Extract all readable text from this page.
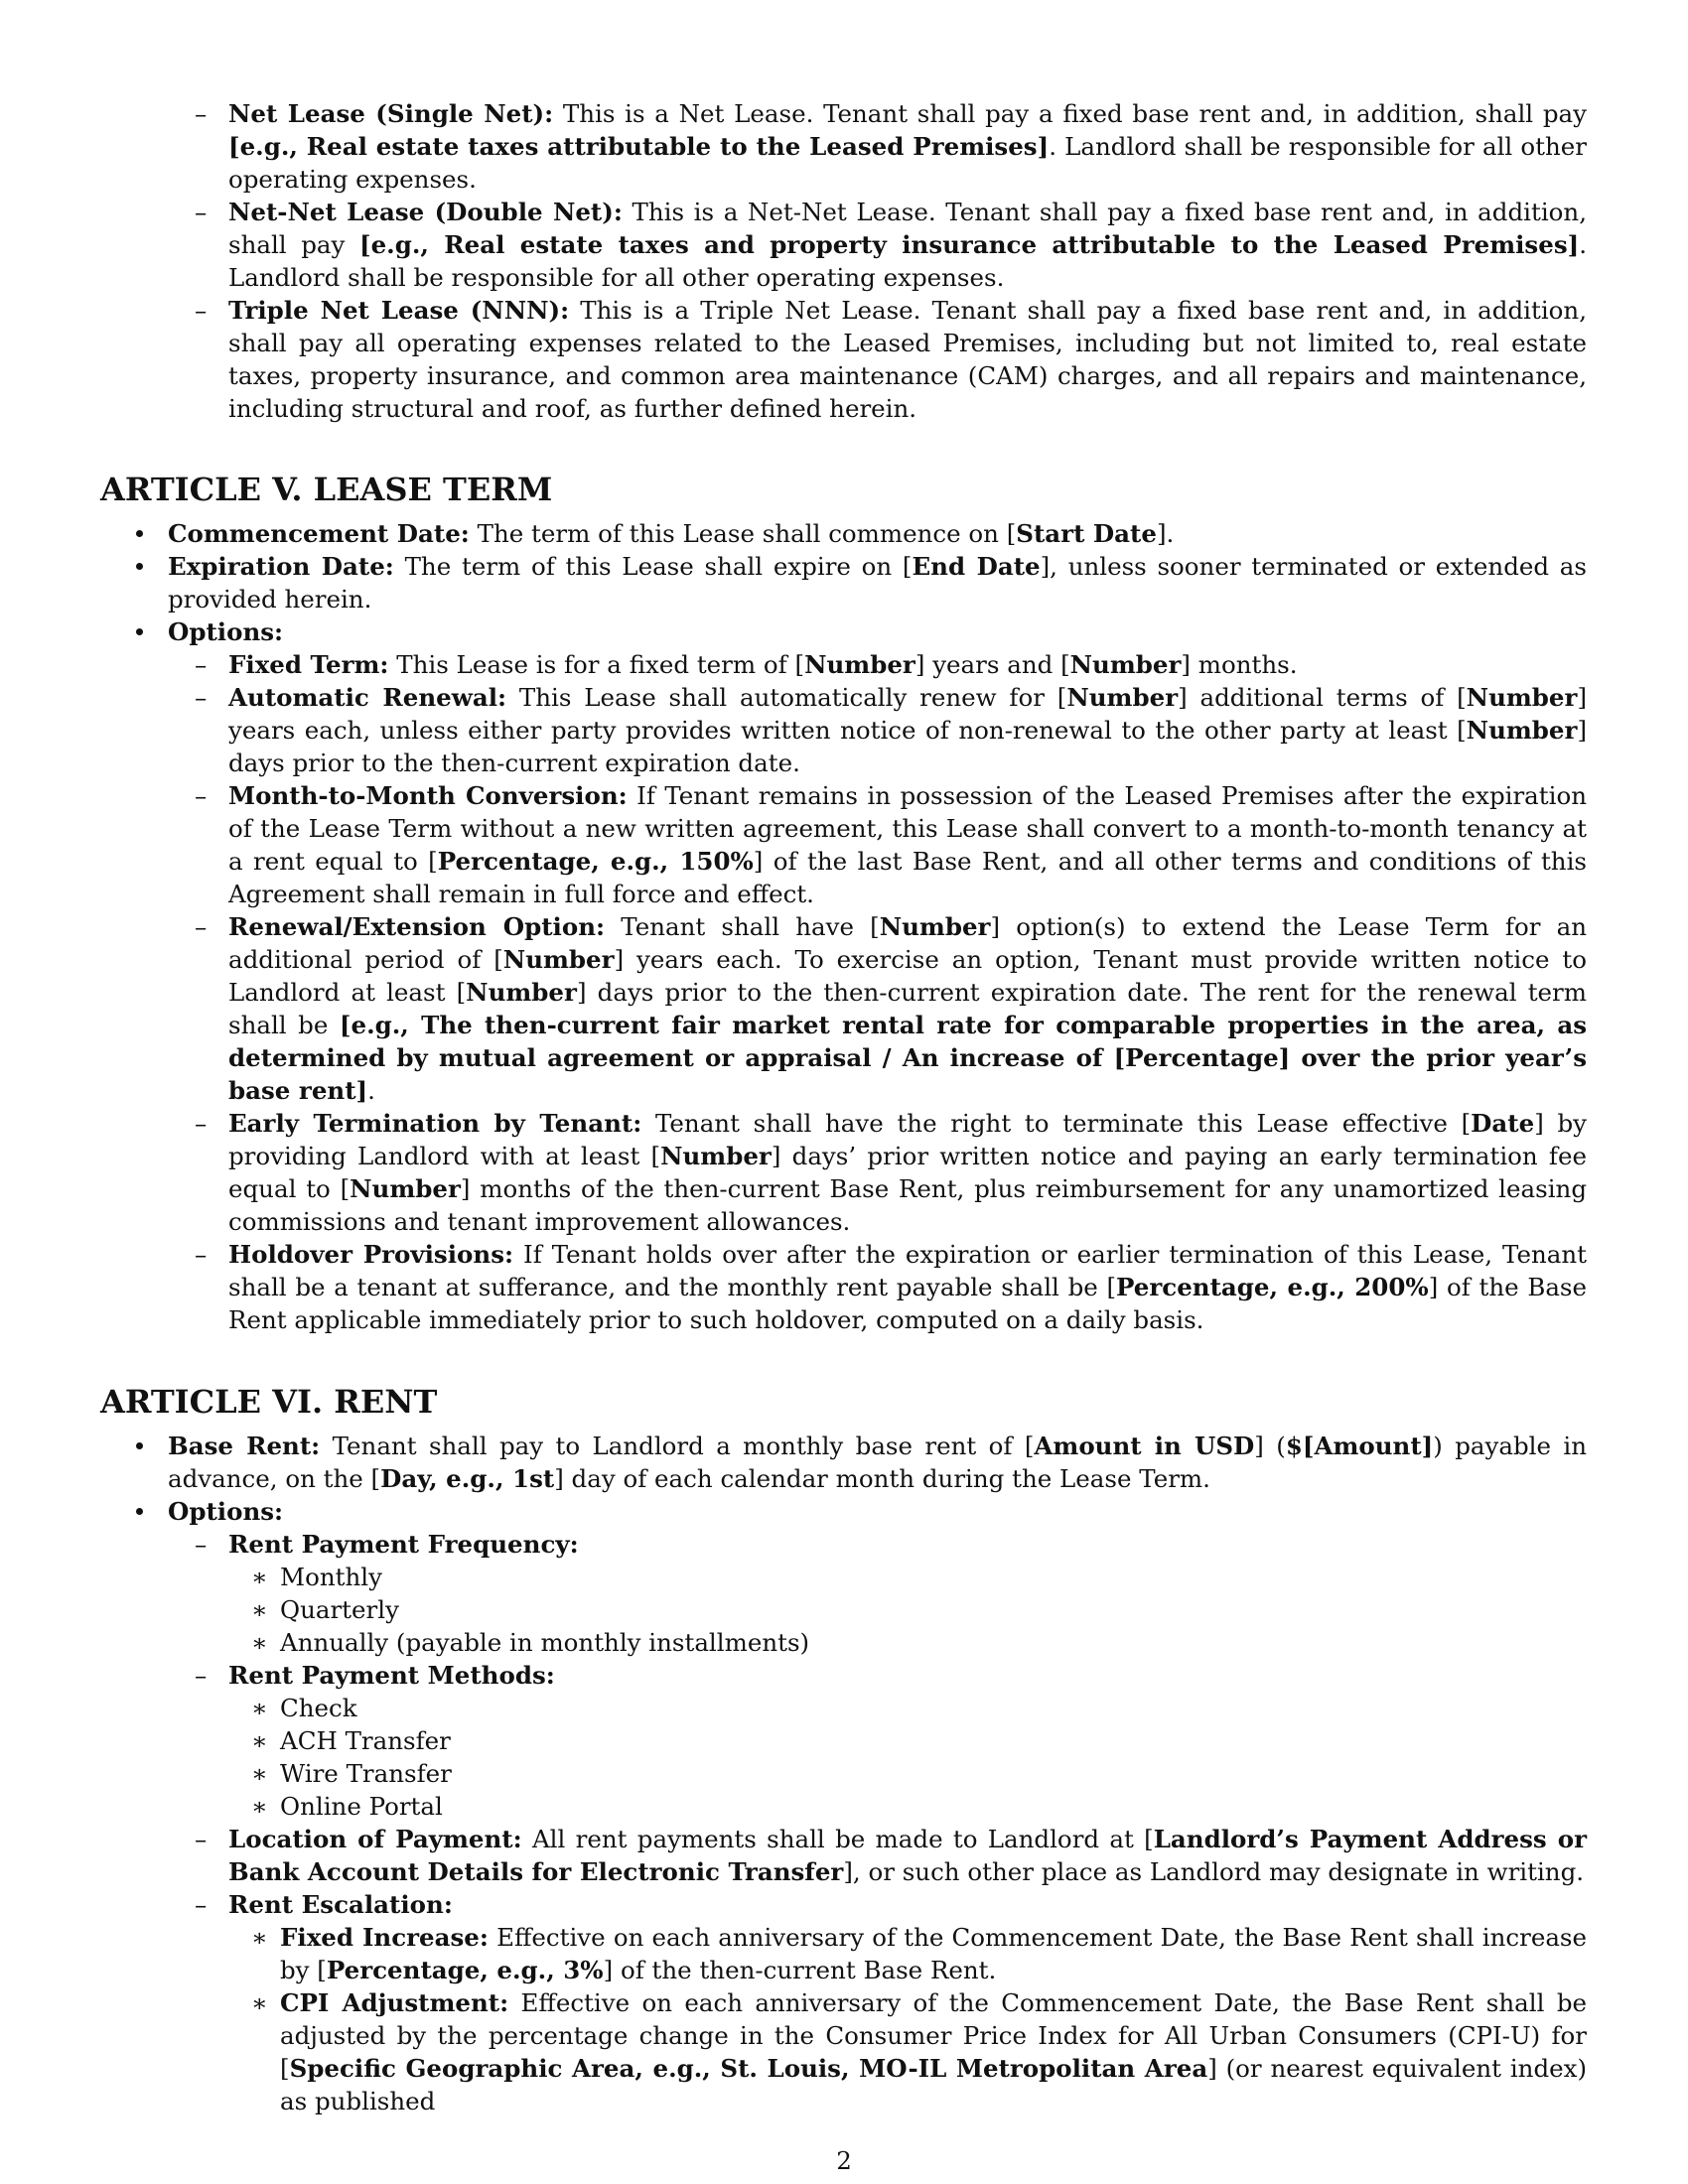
– Net Lease (Single Net): This is a Net Lease. Tenant shall pay a fixed base rent and, in addition, shall pay [e.g., Real estate taxes attributable to the Leased Premises]. Landlord shall be responsible for all other operating expenses.
– Net-Net Lease (Double Net): This is a Net-Net Lease. Tenant shall pay a fixed base rent and, in addition, shall pay [e.g., Real estate taxes and property insurance attributable to the Leased Premises]. Landlord shall be responsible for all other operating expenses.
– Triple Net Lease (NNN): This is a Triple Net Lease. Tenant shall pay a fixed base rent and, in addition, shall pay all operating expenses related to the Leased Premises, including but not limited to, real estate taxes, property insurance, and common area maintenance (CAM) charges, and all repairs and maintenance, including structural and roof, as further defined herein.
ARTICLE V. LEASE TERM
Commencement Date: The term of this Lease shall commence on [Start Date].
Expiration Date: The term of this Lease shall expire on [End Date], unless sooner terminated or extended as provided herein.
Options:
– Fixed Term: This Lease is for a fixed term of [Number] years and [Number] months.
– Automatic Renewal: This Lease shall automatically renew for [Number] additional terms of [Number] years each, unless either party provides written notice of non-renewal to the other party at least [Number] days prior to the then-current expiration date.
– Month-to-Month Conversion: If Tenant remains in possession of the Leased Premises after the expiration of the Lease Term without a new written agreement, this Lease shall convert to a month-to-month tenancy at a rent equal to [Percentage, e.g., 150%] of the last Base Rent, and all other terms and conditions of this Agreement shall remain in full force and effect.
– Renewal/Extension Option: Tenant shall have [Number] option(s) to extend the Lease Term for an additional period of [Number] years each. To exercise an option, Tenant must provide written notice to Landlord at least [Number] days prior to the then-current expiration date. The rent for the renewal term shall be [e.g., The then-current fair market rental rate for comparable properties in the area, as determined by mutual agreement or appraisal / An increase of [Percentage] over the prior year’s base rent].
– Early Termination by Tenant: Tenant shall have the right to terminate this Lease effective [Date] by providing Landlord with at least [Number] days’ prior written notice and paying an early termination fee equal to [Number] months of the then-current Base Rent, plus reimbursement for any unamortized leasing commissions and tenant improvement allowances.
– Holdover Provisions: If Tenant holds over after the expiration or earlier termination of this Lease, Tenant shall be a tenant at sufferance, and the monthly rent payable shall be [Percentage, e.g., 200%] of the Base Rent applicable immediately prior to such holdover, computed on a daily basis.
ARTICLE VI. RENT
Base Rent: Tenant shall pay to Landlord a monthly base rent of [Amount in USD] ($[Amount]) payable in advance, on the [Day, e.g., 1st] day of each calendar month during the Lease Term.
Options:
– Rent Payment Frequency:
∗ Monthly
∗ Quarterly
∗ Annually (payable in monthly installments)
– Rent Payment Methods:
∗ Check
∗ ACH Transfer
∗ Wire Transfer
∗ Online Portal
– Location of Payment: All rent payments shall be made to Landlord at [Landlord’s Payment Address or Bank Account Details for Electronic Transfer], or such other place as Landlord may designate in writing.
– Rent Escalation:
∗ Fixed Increase: Effective on each anniversary of the Commencement Date, the Base Rent shall increase by [Percentage, e.g., 3%] of the then-current Base Rent.
∗ CPI Adjustment: Effective on each anniversary of the Commencement Date, the Base Rent shall be adjusted by the percentage change in the Consumer Price Index for All Urban Consumers (CPI-U) for [Specific Geographic Area, e.g., St. Louis, MO-IL Metropolitan Area] (or nearest equivalent index) as published
2
